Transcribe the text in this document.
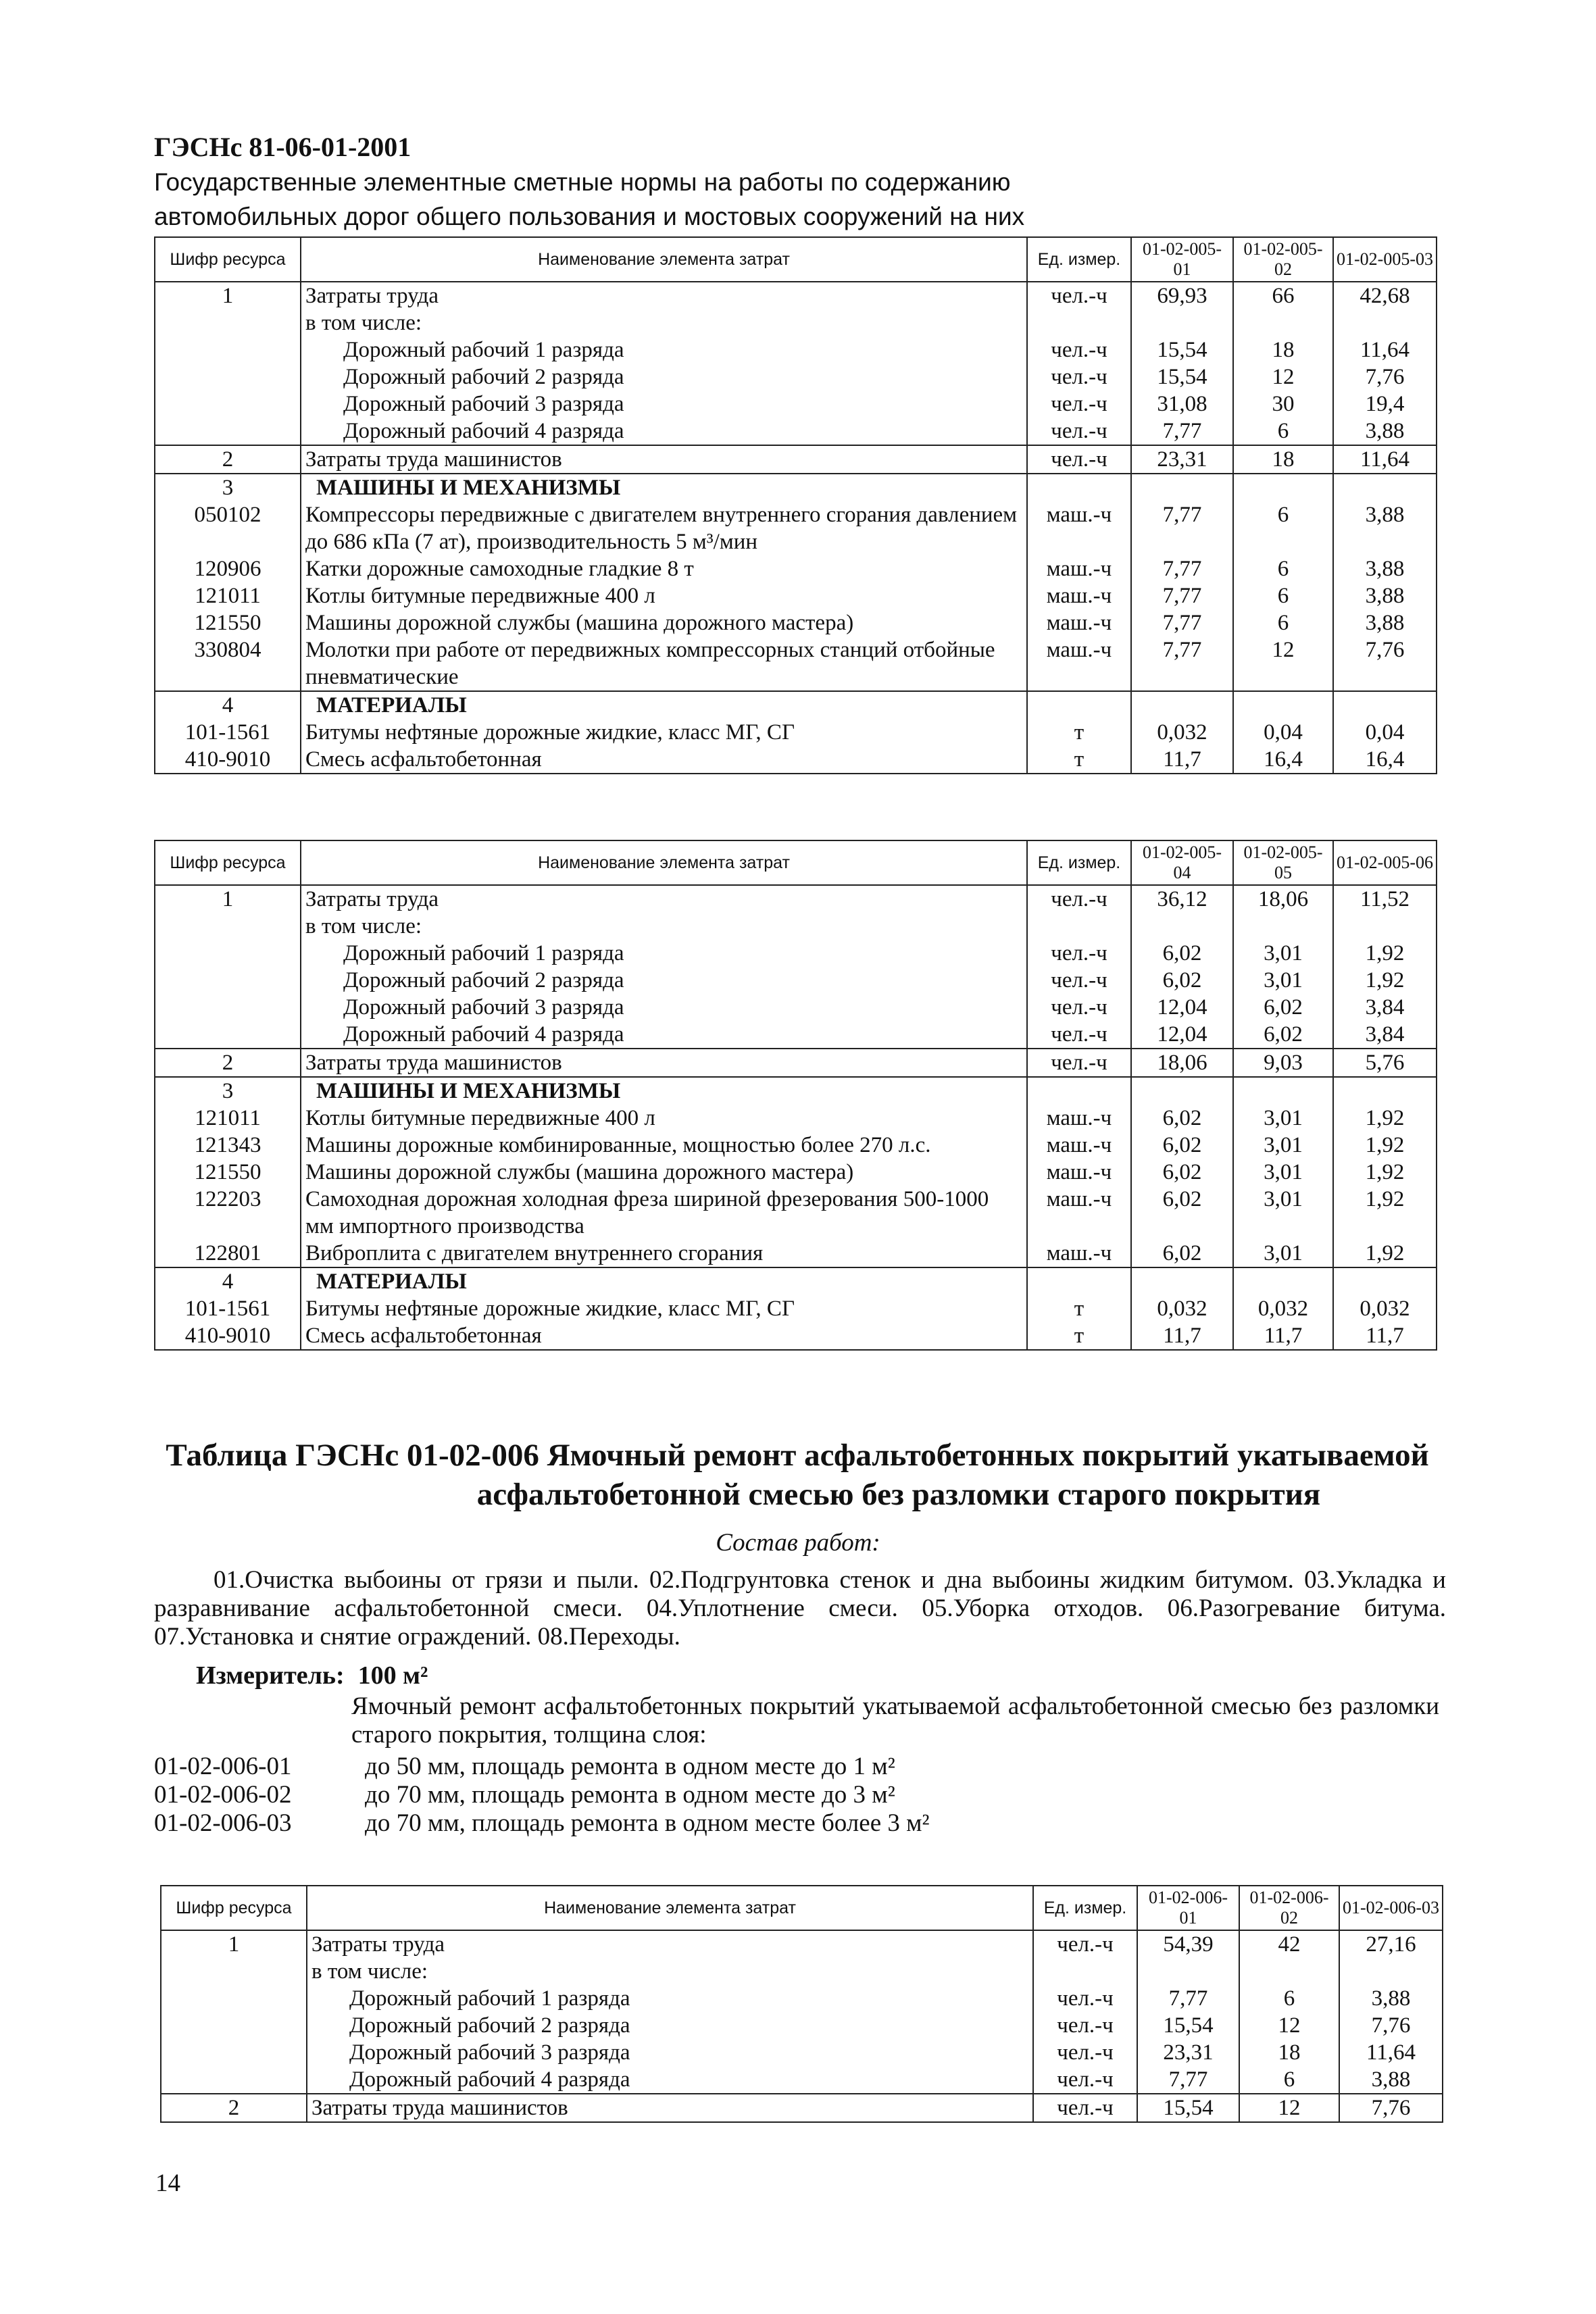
ГЭСНс 81-06-01-2001
Государственные элементные сметные нормы на работы по содержанию
автомобильных дорог общего пользования и мостовых сооружений на них
Шифр ресурса	Наименование элемента затрат	Ед. измер.	01-02-005-01	01-02-005-02	01-02-005-03
1	Затраты труда	чел.-ч	69,93	66	42,68
	в том числе:				
	Дорожный рабочий 1 разряда	чел.-ч	15,54	18	11,64
	Дорожный рабочий 2 разряда	чел.-ч	15,54	12	7,76
	Дорожный рабочий 3 разряда	чел.-ч	31,08	30	19,4
	Дорожный рабочий 4 разряда	чел.-ч	7,77	6	3,88
2	Затраты труда машинистов	чел.-ч	23,31	18	11,64
3	МАШИНЫ И МЕХАНИЗМЫ				
050102	Компрессоры передвижные с двигателем внутреннего сгорания давлением до 686 кПа (7 ат), производительность 5 м³/мин	маш.-ч	7,77	6	3,88
120906	Катки дорожные самоходные гладкие 8 т	маш.-ч	7,77	6	3,88
121011	Котлы битумные передвижные 400 л	маш.-ч	7,77	6	3,88
121550	Машины дорожной службы (машина дорожного мастера)	маш.-ч	7,77	6	3,88
330804	Молотки при работе от передвижных компрессорных станций отбойные пневматические	маш.-ч	7,77	12	7,76
4	МАТЕРИАЛЫ				
101-1561	Битумы нефтяные дорожные жидкие, класс МГ, СГ	т	0,032	0,04	0,04
410-9010	Смесь асфальтобетонная	т	11,7	16,4	16,4
Шифр ресурса	Наименование элемента затрат	Ед. измер.	01-02-005-04	01-02-005-05	01-02-005-06
1	Затраты труда	чел.-ч	36,12	18,06	11,52
	в том числе:				
	Дорожный рабочий 1 разряда	чел.-ч	6,02	3,01	1,92
	Дорожный рабочий 2 разряда	чел.-ч	6,02	3,01	1,92
	Дорожный рабочий 3 разряда	чел.-ч	12,04	6,02	3,84
	Дорожный рабочий 4 разряда	чел.-ч	12,04	6,02	3,84
2	Затраты труда машинистов	чел.-ч	18,06	9,03	5,76
3	МАШИНЫ И МЕХАНИЗМЫ				
121011	Котлы битумные передвижные 400 л	маш.-ч	6,02	3,01	1,92
121343	Машины дорожные комбинированные, мощностью более 270 л.с.	маш.-ч	6,02	3,01	1,92
121550	Машины дорожной службы (машина дорожного мастера)	маш.-ч	6,02	3,01	1,92
122203	Самоходная дорожная холодная фреза шириной фрезерования 500-1000 мм импортного производства	маш.-ч	6,02	3,01	1,92
122801	Виброплита с двигателем внутреннего сгорания	маш.-ч	6,02	3,01	1,92
4	МАТЕРИАЛЫ				
101-1561	Битумы нефтяные дорожные жидкие, класс МГ, СГ	т	0,032	0,032	0,032
410-9010	Смесь асфальтобетонная	т	11,7	11,7	11,7
Таблица ГЭСНс 01-02-006 Ямочный ремонт асфальтобетонных покрытий укатываемой
асфальтобетонной смесью без разломки старого покрытия
Состав работ:
01.Очистка выбоины от грязи и пыли. 02.Подгрунтовка стенок и дна выбоины жидким битумом. 03.Укладка и разравнивание асфальтобетонной смеси. 04.Уплотнение смеси. 05.Уборка отходов. 06.Разогревание битума. 07.Установка и снятие ограждений. 08.Переходы.
Измеритель: 100 м²
Ямочный ремонт асфальтобетонных покрытий укатываемой асфальтобетонной смесью без разломки старого покрытия, толщина слоя:
01-02-006-01	до 50 мм, площадь ремонта в одном месте до 1 м²
01-02-006-02	до 70 мм, площадь ремонта в одном месте до 3 м²
01-02-006-03	до 70 мм, площадь ремонта в одном месте более 3 м²
Шифр ресурса	Наименование элемента затрат	Ед. измер.	01-02-006-01	01-02-006-02	01-02-006-03
1	Затраты труда	чел.-ч	54,39	42	27,16
	в том числе:				
	Дорожный рабочий 1 разряда	чел.-ч	7,77	6	3,88
	Дорожный рабочий 2 разряда	чел.-ч	15,54	12	7,76
	Дорожный рабочий 3 разряда	чел.-ч	23,31	18	11,64
	Дорожный рабочий 4 разряда	чел.-ч	7,77	6	3,88
2	Затраты труда машинистов	чел.-ч	15,54	12	7,76
14
